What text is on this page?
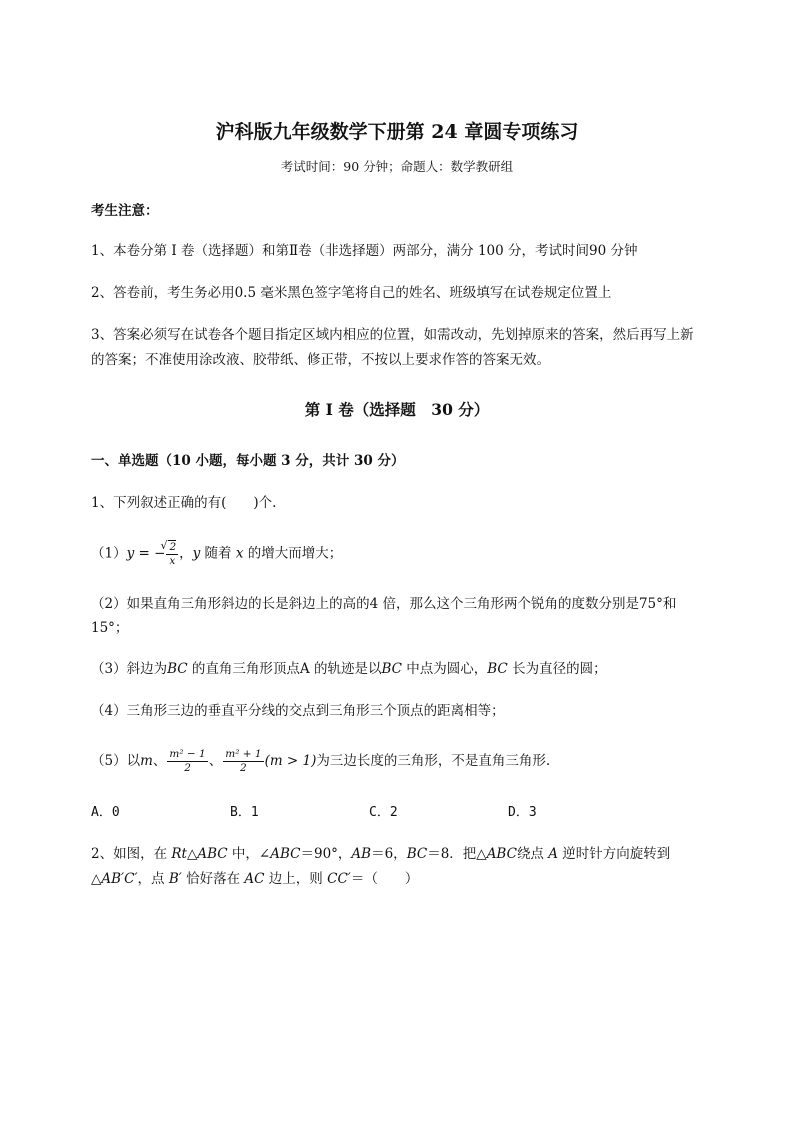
沪科版九年级数学下册第 24 章圆专项练习
考试时间：90 分钟；命题人：数学教研组
考生注意：
1、本卷分第 I 卷（选择题）和第Ⅱ卷（非选择题）两部分，满分 100 分，考试时间90 分钟
2、答卷前，考生务必用0.5 毫米黑色签字笔将自己的姓名、班级填写在试卷规定位置上
3、答案必须写在试卷各个题目指定区域内相应的位置，如需改动，先划掉原来的答案，然后再写上新
的答案；不准使用涂改液、胶带纸、修正带，不按以上要求作答的答案无效。
第 I 卷（选择题　30 分）
一、单选题（10 小题，每小题 3 分，共计 30 分）
1、下列叙述正确的有(　　)个.
（1）y = −
√ $\frac{2}{x}$ ，y 随着 x 的增大而增大；
（2）如果直角三角形斜边的长是斜边上的高的4 倍，那么这个三角形两个锐角的度数分别是75°和
15°；
（3）斜边为BC 的直角三角形顶点A 的轨迹是以BC 中点为圆心，BC 长为直径的圆；
（4）三角形三边的垂直平分线的交点到三角形三个顶点的距离相等；
（5）以m、 $\frac{\text{m² − 1}}{2}$ 、 $\frac{\text{m² + 1}}{2} (m > 1)$为三边长度的三角形，不是直角三角形.
A．0	B．1	C．2	D．3
2、如图，在 Rt△ABC 中，∠ABC＝90°，AB＝6，BC＝8．把△ABC绕点 A 逆时针方向旋转到
△AB′C′，点 B′ 恰好落在 AC 边上，则 CC′＝（　　）
